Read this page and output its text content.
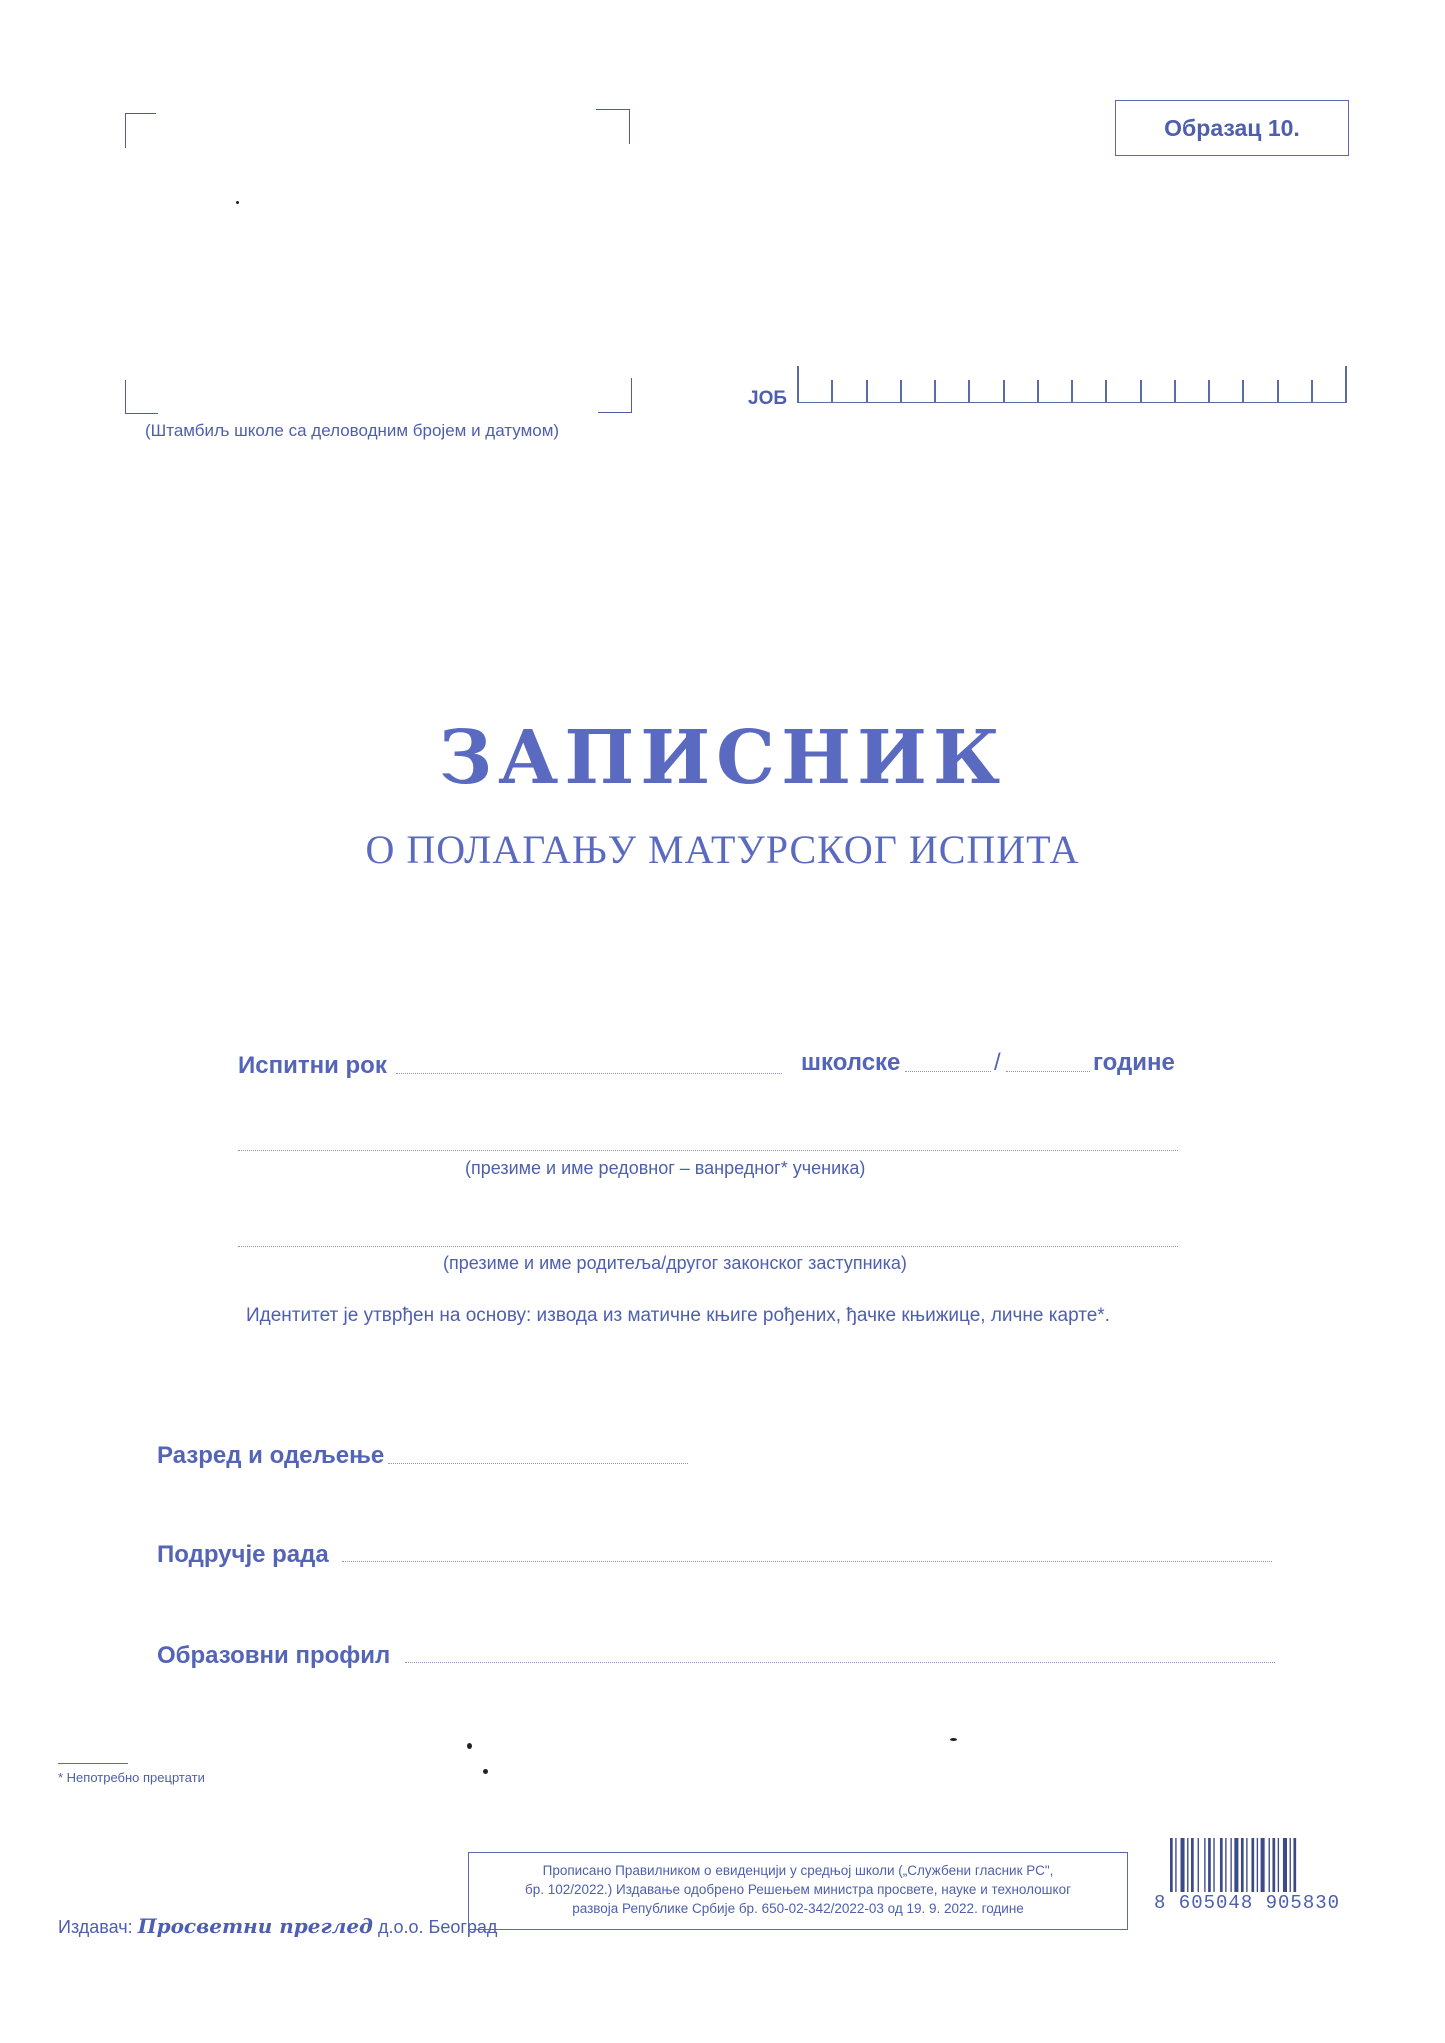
(Штамбиљ школе са деловодним бројем и датумом)
Образац 10.
ЈОБ
ЗАПИСНИК
О ПОЛАГАЊУ МАТУРСКОГ ИСПИТА
Испитни рок	школске	/	године
(презиме и име редовног – ванредног* ученика)
(презиме и име родитеља/другог законског заступника)
Идентитет је утврђен на основу: извода из матичне књиге рођених, ђачке књижице, личне карте*.
Разред и одељење
Подручје рада
Образовни профил
* Непотребно прецртати
Издавач: Просветни преглед д.о.о. Београд
Прописано Правилником о евиденцији у средњој школи („Службени гласник РС",
бр. 102/2022.) Издавање одобрено Решењем министра просвете, науке и технолошког
развоја Републике Србије бр. 650-02-342/2022-03 од 19. 9. 2022. године	8 605048 905830
